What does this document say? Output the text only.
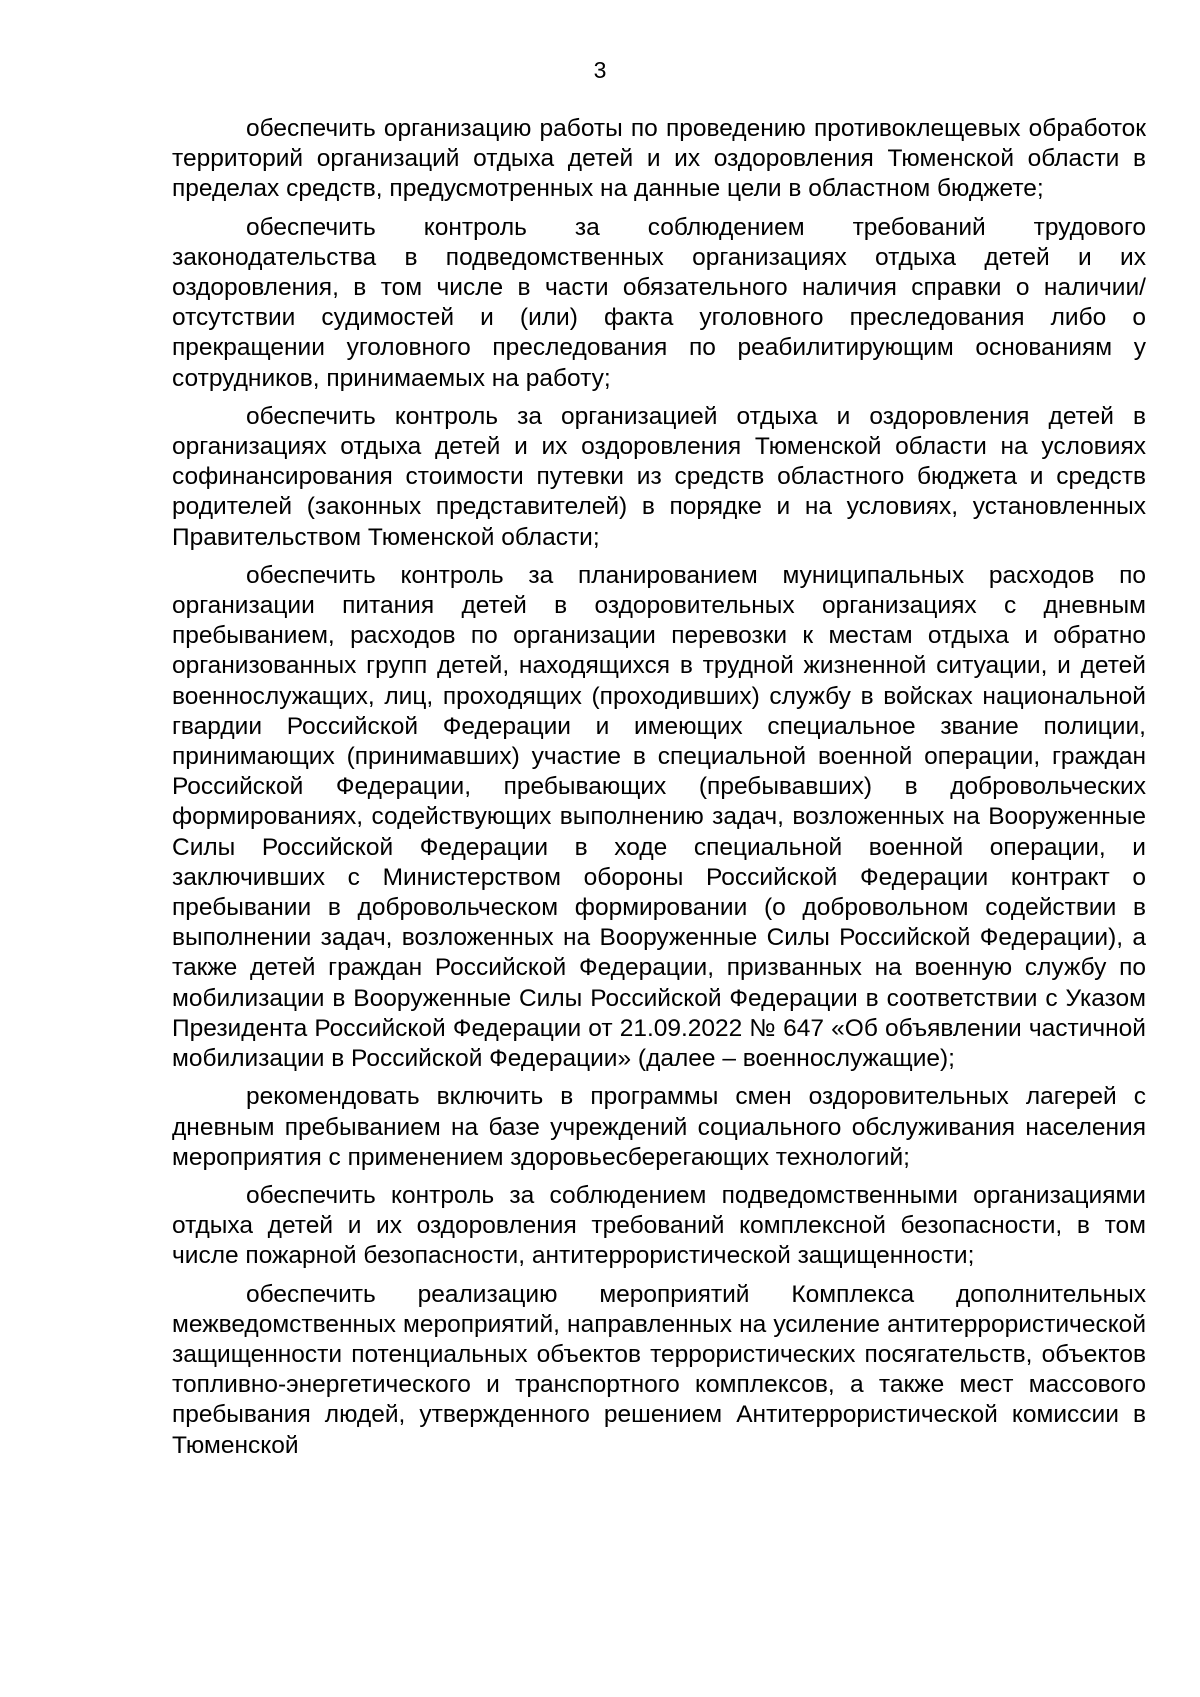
3

обеспечить организацию работы по проведению противоклещевых обработок территорий организаций отдыха детей и их оздоровления Тюменской области в пределах средств, предусмотренных на данные цели в областном бюджете;

обеспечить контроль за соблюдением требований трудового законодательства в подведомственных организациях отдыха детей и их оздоровления, в том числе в части обязательного наличия справки о наличии/отсутствии судимостей и (или) факта уголовного преследования либо о прекращении уголовного преследования по реабилитирующим основаниям у сотрудников, принимаемых на работу;

обеспечить контроль за организацией отдыха и оздоровления детей в организациях отдыха детей и их оздоровления Тюменской области на условиях софинансирования стоимости путевки из средств областного бюджета и средств родителей (законных представителей) в порядке и на условиях, установленных Правительством Тюменской области;

обеспечить контроль за планированием муниципальных расходов по организации питания детей в оздоровительных организациях с дневным пребыванием, расходов по организации перевозки к местам отдыха и обратно организованных групп детей, находящихся в трудной жизненной ситуации, и детей военнослужащих, лиц, проходящих (проходивших) службу в войсках национальной гвардии Российской Федерации и имеющих специальное звание полиции, принимающих (принимавших) участие в специальной военной операции, граждан Российской Федерации, пребывающих (пребывавших) в добровольческих формированиях, содействующих выполнению задач, возложенных на Вооруженные Силы Российской Федерации в ходе специальной военной операции, и заключивших с Министерством обороны Российской Федерации контракт о пребывании в добровольческом формировании (о добровольном содействии в выполнении задач, возложенных на Вооруженные Силы Российской Федерации), а также детей граждан Российской Федерации, призванных на военную службу по мобилизации в Вооруженные Силы Российской Федерации в соответствии с Указом Президента Российской Федерации от 21.09.2022 № 647 «Об объявлении частичной мобилизации в Российской Федерации» (далее – военнослужащие);

рекомендовать включить в программы смен оздоровительных лагерей с дневным пребыванием на базе учреждений социального обслуживания населения мероприятия с применением здоровьесберегающих технологий;

обеспечить контроль за соблюдением подведомственными организациями отдыха детей и их оздоровления требований комплексной безопасности, в том числе пожарной безопасности, антитеррористической защищенности;

обеспечить реализацию мероприятий Комплекса дополнительных межведомственных мероприятий, направленных на усиление антитеррористической защищенности потенциальных объектов террористических посягательств, объектов топливно-энергетического и транспортного комплексов, а также мест массового пребывания людей, утвержденного решением Антитеррористической комиссии в Тюменской
